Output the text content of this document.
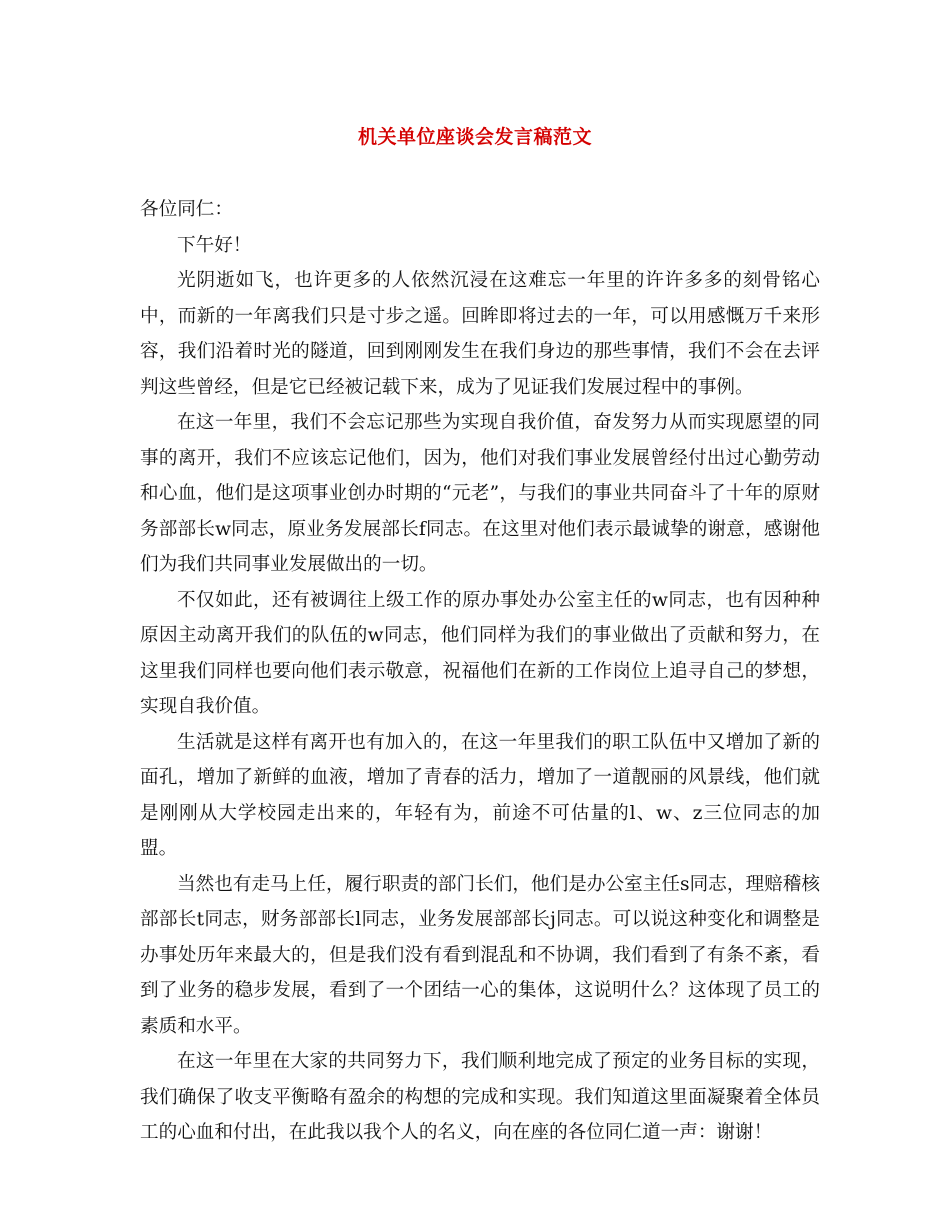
机关单位座谈会发言稿范文

各位同仁：

下午好！

光阴逝如飞，也许更多的人依然沉浸在这难忘一年里的许许多多的刻骨铭心中，而新的一年离我们只是寸步之遥。回眸即将过去的一年，可以用感慨万千来形容，我们沿着时光的隧道，回到刚刚发生在我们身边的那些事情，我们不会在去评判这些曾经，但是它已经被记载下来，成为了见证我们发展过程中的事例。

在这一年里，我们不会忘记那些为实现自我价值，奋发努力从而实现愿望的同事的离开，我们不应该忘记他们，因为，他们对我们事业发展曾经付出过心勤劳动和心血，他们是这项事业创办时期的“元老”，与我们的事业共同奋斗了十年的原财务部部长w同志，原业务发展部长f同志。在这里对他们表示最诚挚的谢意，感谢他们为我们共同事业发展做出的一切。

不仅如此，还有被调往上级工作的原办事处办公室主任的w同志，也有因种种原因主动离开我们的队伍的w同志，他们同样为我们的事业做出了贡献和努力，在这里我们同样也要向他们表示敬意，祝福他们在新的工作岗位上追寻自己的梦想，实现自我价值。

生活就是这样有离开也有加入的，在这一年里我们的职工队伍中又增加了新的面孔，增加了新鲜的血液，增加了青春的活力，增加了一道靓丽的风景线，他们就是刚刚从大学校园走出来的，年轻有为，前途不可估量的l、w、z三位同志的加盟。

当然也有走马上任，履行职责的部门长们，他们是办公室主任s同志，理赔稽核部部长t同志，财务部部长l同志，业务发展部部长j同志。可以说这种变化和调整是办事处历年来最大的，但是我们没有看到混乱和不协调，我们看到了有条不紊，看到了业务的稳步发展，看到了一个团结一心的集体，这说明什么？这体现了员工的素质和水平。

在这一年里在大家的共同努力下，我们顺利地完成了预定的业务目标的实现，我们确保了收支平衡略有盈余的构想的完成和实现。我们知道这里面凝聚着全体员工的心血和付出，在此我以我个人的名义，向在座的各位同仁道一声：谢谢！
